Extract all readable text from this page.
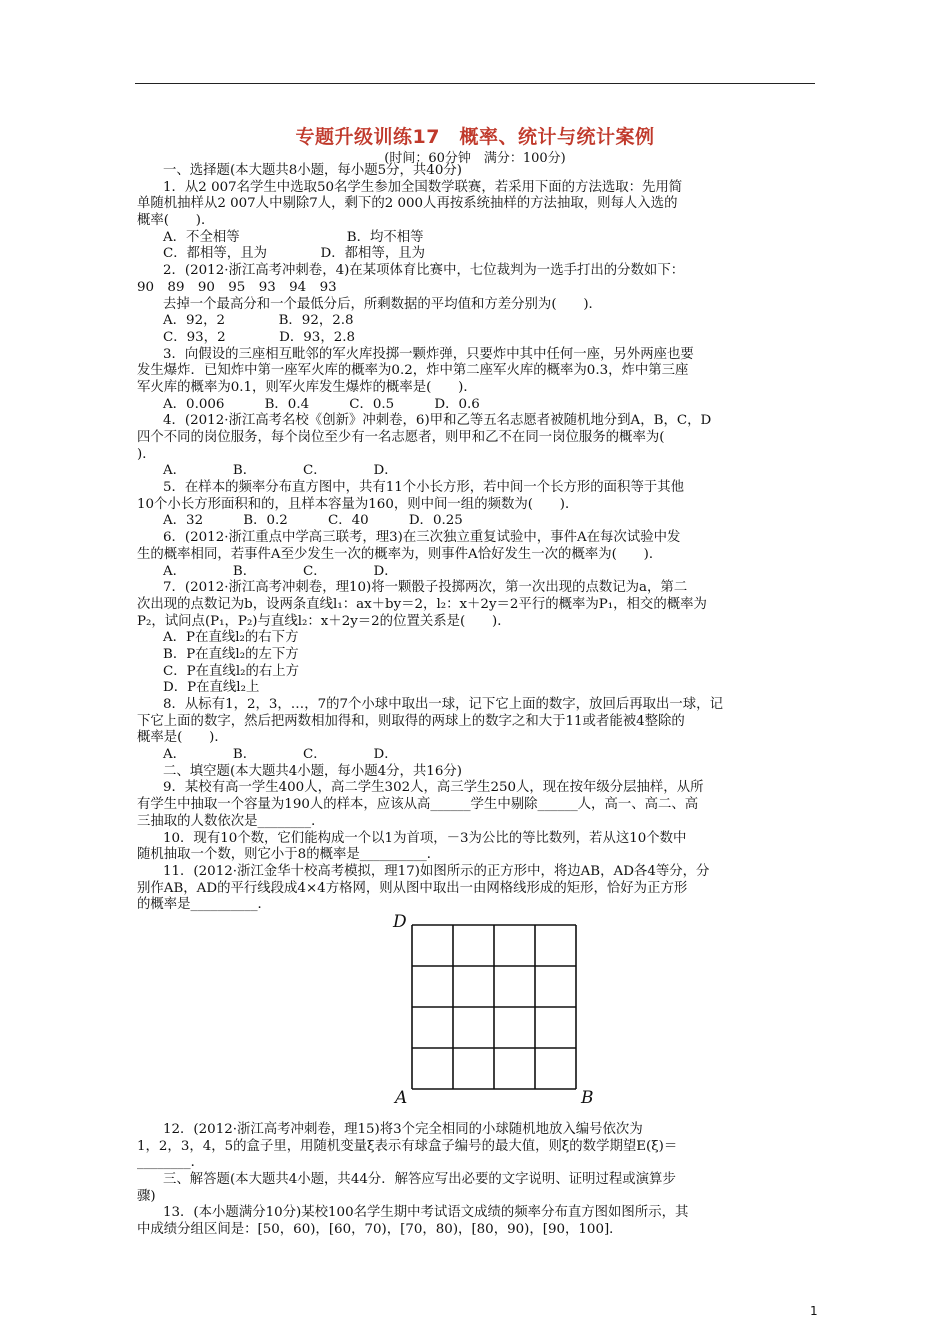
专题升级训练17　概率、统计与统计案例
(时间：60分钟　满分：100分)
一、选择题(本大题共8小题，每小题5分，共40分)
1．从2 007名学生中选取50名学生参加全国数学联赛，若采用下面的方法选取：先用简
单随机抽样从2 007人中剔除7人，剩下的2 000人再按系统抽样的方法抽取，则每人入选的
概率(　　)．
A．不全相等　　　　　　　　B．均不相等
C．都相等，且为　　　　D．都相等，且为
2．(2012·浙江高考冲刺卷，4)在某项体育比赛中，七位裁判为一选手打出的分数如下：
90　89　90　95　93　94　93
去掉一个最高分和一个最低分后，所剩数据的平均值和方差分别为(　　)．
A．92，2　　　　B．92，2.8
C．93，2　　　　D．93，2.8
3．向假设的三座相互毗邻的军火库投掷一颗炸弹，只要炸中其中任何一座，另外两座也要
发生爆炸．已知炸中第一座军火库的概率为0.2，炸中第二座军火库的概率为0.3，炸中第三座
军火库的概率为0.1，则军火库发生爆炸的概率是(　　)．
A．0.006　　　B．0.4　　　C．0.5　　　D．0.6
4．(2012·浙江高考名校《创新》冲刺卷，6)甲和乙等五名志愿者被随机地分到A，B，C，D
四个不同的岗位服务，每个岗位至少有一名志愿者，则甲和乙不在同一岗位服务的概率为(
)．
A．　　　　B．　　　　C．　　　　D．
5．在样本的频率分布直方图中，共有11个小长方形，若中间一个长方形的面积等于其他
10个小长方形面积和的，且样本容量为160，则中间一组的频数为(　　)．
A．32　　　B．0.2　　　C．40　　　D．0.25
6．(2012·浙江重点中学高三联考，理3)在三次独立重复试验中，事件A在每次试验中发
生的概率相同，若事件A至少发生一次的概率为，则事件A恰好发生一次的概率为(　　)．
A．　　　　B．　　　　C．　　　　D．
7．(2012·浙江高考冲刺卷，理10)将一颗骰子投掷两次，第一次出现的点数记为a，第二
次出现的点数记为b，设两条直线l₁：ax＋by＝2，l₂：x＋2y＝2平行的概率为P₁，相交的概率为
P₂，试问点(P₁，P₂)与直线l₂：x＋2y＝2的位置关系是(　　)．
A．P在直线l₂的右下方
B．P在直线l₂的左下方
C．P在直线l₂的右上方
D．P在直线l₂上
8．从标有1，2，3，…，7的7个小球中取出一球，记下它上面的数字，放回后再取出一球，记
下它上面的数字，然后把两数相加得和，则取得的两球上的数字之和大于11或者能被4整除的
概率是(　　)．
A．　　　　B．　　　　C．　　　　D．
二、填空题(本大题共4小题，每小题4分，共16分)
9．某校有高一学生400人，高二学生302人，高三学生250人，现在按年级分层抽样，从所
有学生中抽取一个容量为190人的样本，应该从高______学生中剔除______人，高一、高二、高
三抽取的人数依次是________．
10．现有10个数，它们能构成一个以1为首项，－3为公比的等比数列，若从这10个数中
随机抽取一个数，则它小于8的概率是__________．
11．(2012·浙江金华十校高考模拟，理17)如图所示的正方形中，将边AB，AD各4等分，分
别作AB，AD的平行线段成4×4方格网，则从图中取出一由网格线形成的矩形，恰好为正方形
的概率是__________．
D
A	B
12．(2012·浙江高考冲刺卷，理15)将3个完全相同的小球随机地放入编号依次为
1，2，3，4，5的盒子里，用随机变量ξ表示有球盒子编号的最大值，则ξ的数学期望E(ξ)＝
________．
三、解答题(本大题共4小题，共44分．解答应写出必要的文字说明、证明过程或演算步
骤)
13．(本小题满分10分)某校100名学生期中考试语文成绩的频率分布直方图如图所示，其
中成绩分组区间是：[50，60)，[60，70)，[70，80)，[80，90)，[90，100]．
1
